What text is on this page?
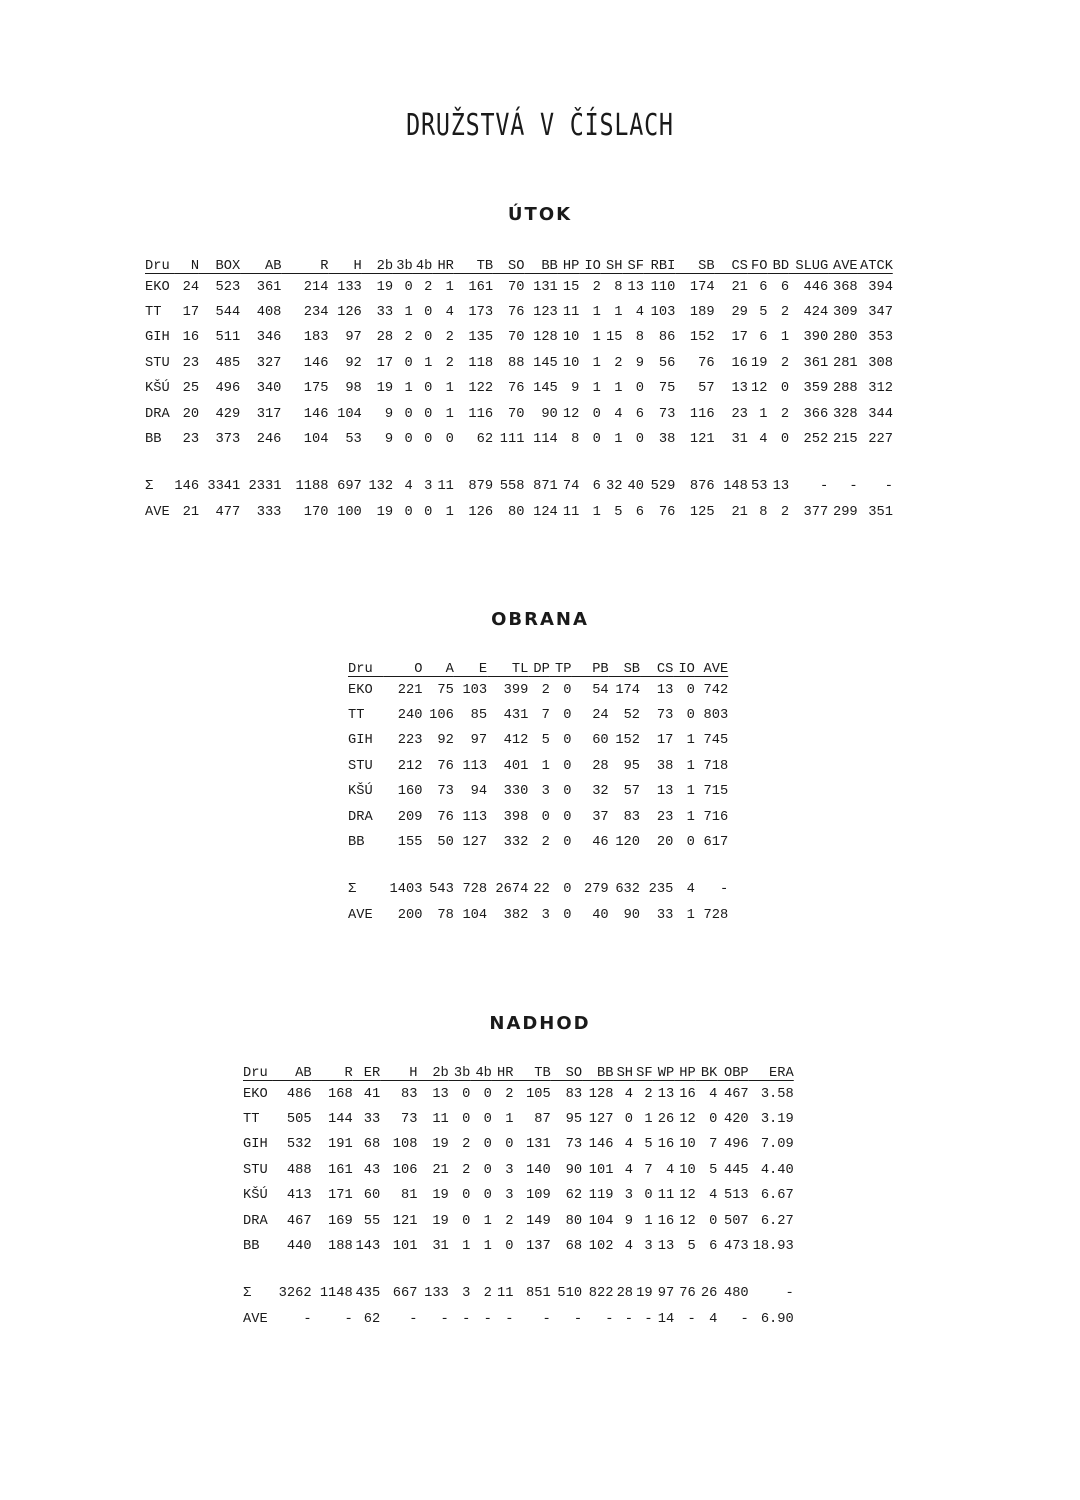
DRUŽSTVÁ V ČÍSLACH
ÚTOK
Dru	N	BOX	AB	R	H	2b	3b	4b	HR	TB	SO	BB	HP	IO	SH	SF	RBI	SB	CS	FO	BD	SLUG	AVE	ATCK
EKO	24	523	361	214	133	19	0	2	1	161	70	131	15	2	8	13	110	174	21	6	6	446	368	394
TT	17	544	408	234	126	33	1	0	4	173	76	123	11	1	1	4	103	189	29	5	2	424	309	347
GIH	16	511	346	183	97	28	2	0	2	135	70	128	10	1	15	8	86	152	17	6	1	390	280	353
STU	23	485	327	146	92	17	0	1	2	118	88	145	10	1	2	9	56	76	16	19	2	361	281	308
KŠÚ	25	496	340	175	98	19	1	0	1	122	76	145	9	1	1	0	75	57	13	12	0	359	288	312
DRA	20	429	317	146	104	9	0	0	1	116	70	90	12	0	4	6	73	116	23	1	2	366	328	344
BB	23	373	246	104	53	9	0	0	0	62	111	114	8	0	1	0	38	121	31	4	0	252	215	227

Σ	146	3341	2331	1188	697	132	4	3	11	879	558	871	74	6	32	40	529	876	148	53	13	-	-	-
AVE	21	477	333	170	100	19	0	0	1	126	80	124	11	1	5	6	76	125	21	8	2	377	299	351
OBRANA
Dru	O	A	E	TL	DP	TP	PB	SB	CS	IO	AVE
EKO	221	75	103	399	2	0	54	174	13	0	742
TT	240	106	85	431	7	0	24	52	73	0	803
GIH	223	92	97	412	5	0	60	152	17	1	745
STU	212	76	113	401	1	0	28	95	38	1	718
KŠÚ	160	73	94	330	3	0	32	57	13	1	715
DRA	209	76	113	398	0	0	37	83	23	1	716
BB	155	50	127	332	2	0	46	120	20	0	617

Σ	1403	543	728	2674	22	0	279	632	235	4	-
AVE	200	78	104	382	3	0	40	90	33	1	728
NADHOD
Dru	AB	R	ER	H	2b	3b	4b	HR	TB	SO	BB	SH	SF	WP	HP	BK	OBP	ERA
EKO	486	168	41	83	13	0	0	2	105	83	128	4	2	13	16	4	467	3.58
TT	505	144	33	73	11	0	0	1	87	95	127	0	1	26	12	0	420	3.19
GIH	532	191	68	108	19	2	0	0	131	73	146	4	5	16	10	7	496	7.09
STU	488	161	43	106	21	2	0	3	140	90	101	4	7	4	10	5	445	4.40
KŠÚ	413	171	60	81	19	0	0	3	109	62	119	3	0	11	12	4	513	6.67
DRA	467	169	55	121	19	0	1	2	149	80	104	9	1	16	12	0	507	6.27
BB	440	188	143	101	31	1	1	0	137	68	102	4	3	13	5	6	473	18.93

Σ	3262	1148	435	667	133	3	2	11	851	510	822	28	19	97	76	26	480	-
AVE	-	-	62	-	-	-	-	-	-	-	-	-	-	14	-	4	-	6.90
